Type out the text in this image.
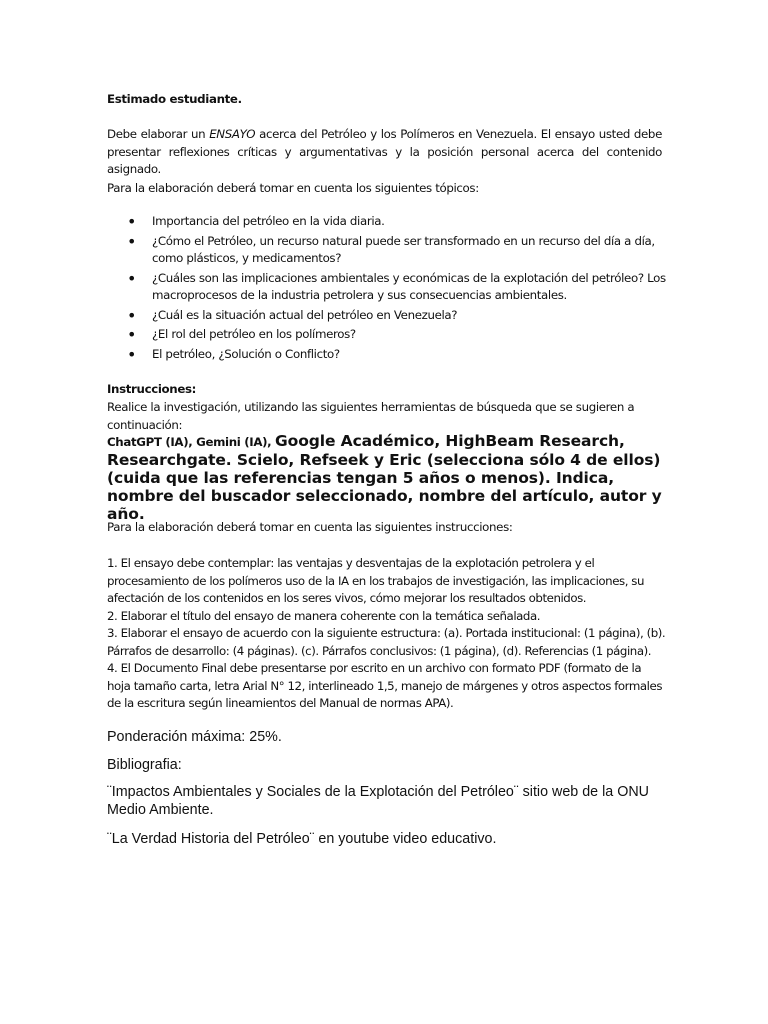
Estimado estudiante.

Debe elaborar un ENSAYO acerca del Petróleo y los Polímeros en Venezuela. El ensayo usted debe presentar reflexiones críticas y argumentativas y la posición personal acerca del contenido asignado.

Para la elaboración deberá tomar en cuenta los siguientes tópicos:

• Importancia del petróleo en la vida diaria.
• ¿Cómo el Petróleo, un recurso natural puede ser transformado en un recurso del día a día, como plásticos, y medicamentos?
• ¿Cuáles son las implicaciones ambientales y económicas de la explotación del petróleo? Los macroprocesos de la industria petrolera y sus consecuencias ambientales.
• ¿Cuál es la situación actual del petróleo en Venezuela?
• ¿El rol del petróleo en los polímeros?
• El petróleo, ¿Solución o Conflicto?

Instrucciones:

Realice la investigación, utilizando las siguientes herramientas de búsqueda que se sugieren a continuación:

ChatGPT (IA), Gemini (IA), Google Académico, HighBeam Research, Researchgate. Scielo, Refseek y Eric (selecciona sólo 4 de ellos) (cuida que las referencias tengan 5 años o menos). Indica, nombre del buscador seleccionado, nombre del artículo, autor y año.

Para la elaboración deberá tomar en cuenta las siguientes instrucciones:

1. El ensayo debe contemplar: las ventajas y desventajas de la explotación petrolera y el procesamiento de los polímeros uso de la IA en los trabajos de investigación, las implicaciones, su afectación de los contenidos en los seres vivos, cómo mejorar los resultados obtenidos.
2. Elaborar el título del ensayo de manera coherente con la temática señalada.
3. Elaborar el ensayo de acuerdo con la siguiente estructura: (a). Portada institucional: (1 página), (b). Párrafos de desarrollo: (4 páginas). (c). Párrafos conclusivos: (1 página), (d). Referencias (1 página).
4. El Documento Final debe presentarse por escrito en un archivo con formato PDF (formato de la hoja tamaño carta, letra Arial N° 12, interlineado 1,5, manejo de márgenes y otros aspectos formales de la escritura según lineamientos del Manual de normas APA).

Ponderación máxima: 25%.

Bibliografia:

¨Impactos Ambientales y Sociales de la Explotación del Petróleo¨ sitio web de la ONU Medio Ambiente.

¨La Verdad Historia del Petróleo¨ en youtube video educativo.
